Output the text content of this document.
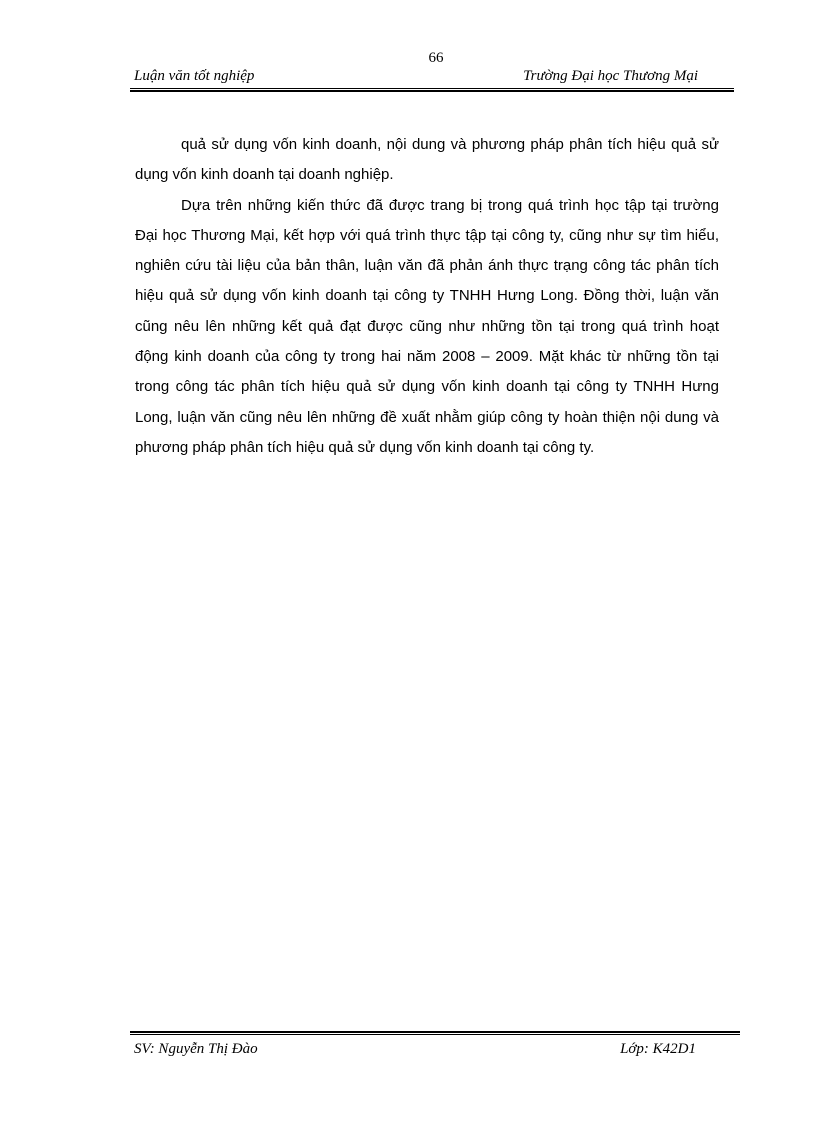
66
Luận văn tốt nghiệp	Trường Đại học Thương Mại

quả sử dụng vốn kinh doanh, nội dung và phương pháp phân tích hiệu quả sử dụng vốn kinh doanh tại doanh nghiệp.

Dựa trên những kiến thức đã được trang bị trong quá trình học tập tại trường Đại học Thương Mại, kết hợp với quá trình thực tập tại công ty, cũng như sự tìm hiểu, nghiên cứu tài liệu của bản thân, luận văn đã phản ánh thực trạng công tác phân tích hiệu quả sử dụng vốn kinh doanh tại công ty TNHH Hưng Long. Đồng thời, luận văn cũng nêu lên những kết quả đạt được cũng như những tồn tại trong quá trình hoạt động kinh doanh của công ty trong hai năm 2008 – 2009. Mặt khác từ những tồn tại trong công tác phân tích hiệu quả sử dụng vốn kinh doanh tại công ty TNHH Hưng Long, luận văn cũng nêu lên những đề xuất nhằm giúp công ty hoàn thiện nội dung và phương pháp phân tích hiệu quả sử dụng vốn kinh doanh tại công ty.

SV: Nguyễn Thị Đào	Lớp: K42D1
